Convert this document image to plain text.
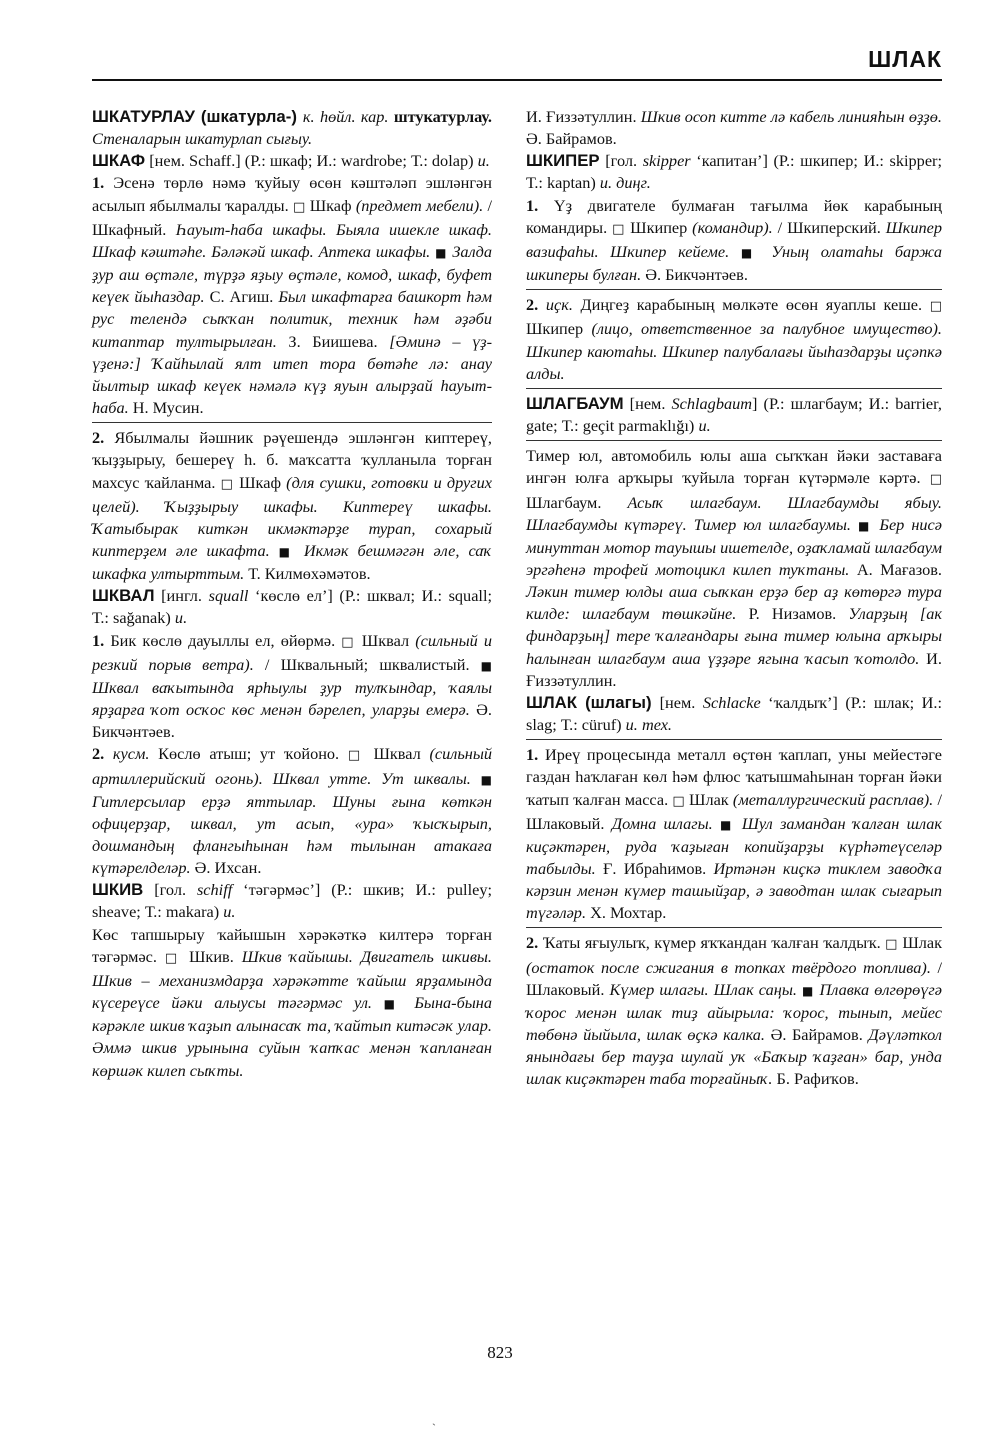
ШЛАК

ШКАТУРЛАУ (шкатурла-) к. һөйл. кар. штукатурлау. Стеналарын шкатурлап сығыу.

ШКАФ [нем. Schaff.] (Р.: шкаф; И.: wardrobe; Т.: dolap) и.

1. Эсенә төрлө нәмә ҡуйыу өсөн кәштәләп эшләнгән асылып ябылмалы ҡаралды. □ Шкаф (предмет мебели). / Шкафный. Һауыт-һаба шкафы. Быяла ишекле шкаф. Шкаф кәштәһе. Бәләкәй шкаф. Аптека шкафы. ■ Залда ҙур аш өҫтәле, түрҙә яҙыу өҫтәле, комод, шкаф, буфет кеүек йыһаздар. С. Агиш. Был шкафтарға башкорт һәм рус телендә сыҡҡан политик, техник һәм әҙәби китаптар тултырылған. З. Биишева. [Әминә – үҙ-үҙенә:] Ҡайһылай ялт итеп тора бөтәһе лә: анау йылтыр шкаф кеүек нәмәлә күҙ яуын алырҙай һауыт-һаба. Н. Мусин.

2. Ябылмалы йәшник рәүешендә эшләнгән киптереү, ҡыҙҙырыу, бешереү һ. б. маҡсатта ҡулланыла торған махсус ҡайланма. □ Шкаф (для сушки, готовки и других целей). Ҡыҙҙырыу шкафы. Киптереү шкафы. Ҡатыбырак киткән икмәктәрҙе турап, сохарый киптерҙем әле шкафта. ■ Икмәк бешмәгән әле, саҡ шкафка ултырттым. Т. Килмөхәмәтов.

ШКВАЛ [ингл. squall ‘көслө ел’] (Р.: шквал; И.: squall; Т.: sağanak) и.

1. Бик көслө дауыллы ел, өйөрмә. □ Шквал (сильный и резкий порыв ветра). / Шквальный; шквалистый. ■ Шквал ваҡытында ярһыулы ҙур тулҡындар, ҡаялы ярҙарға ҡот осҡос көс менән бәрелеп, уларҙы емерә. Ә. Бикчәнтәев.

2. кусм. Көслө атыш; ут ҡойоно. □ Шквал (сильный артиллерийский огонь). Шквал утте. Ут шквалы. ■ Гитлерсылар ерҙә яттылар. Шуны ғына көткән офицерҙар, шквал, ут асып, «ура» ҡысҡырып, дошмандың флангыһынан һәм тылынан атакаға күтәрелделәр. Ә. Ихсан.

ШКИВ [гол. schiff ‘тәгәрмәс’] (Р.: шкив; И.: pulley; sheave; Т.: makara) и.

Көс тапшырыу ҡайышын хәрәкәткә килтерә торған тәгәрмәс. □ Шкив. Шкив ҡайышы. Двигатель шкивы. Шкив – механизмдарҙа хәрәкәтте ҡайыш ярҙамында күсереүсе йәки алыусы тәгәрмәс ул. ■ Бына-бына кәрәкле шкив ҡаҙып алынасаҡ та, ҡайтып китәсәк улар. Әммә шкив урынына суйын ҡапҡас менән ҡапланған көршәк килеп сыҡты.

И. Ғиззәтуллин. Шкив осоп китте лә кабель линияһын өҙҙө. Ә. Байрамов.

ШКИПЕР [гол. skipper ‘капитан’] (Р.: шкипер; И.: skipper; Т.: kaptan) и. диңг.

1. Үҙ двигателе булмаған тағылма йөк карабының командиры. □ Шкипер (командир). / Шкиперский. Шкипер вазифаһы. Шкипер кейеме. ■ Уның олатаһы баржа шкиперы булған. Ә. Бикчәнтәев.

2. иҫк. Диңгеҙ карабының мөлкәте өсөн яуаплы кеше. □ Шкипер (лицо, ответственное за палубное имущество). Шкипер каютаһы. Шкипер палубалағы йыһаздарҙы иҫәпкә алды.

ШЛАГБАУМ [нем. Schlagbaum] (Р.: шлагбаум; И.: barrier, gate; Т.: geçit parmaklığı) и.

Тимер юл, автомобиль юлы аша сыҡҡан йәки заставаға ингән юлға арҡыры ҡуйыла торған күтәрмәле кәртә. □ Шлагбаум. Асыҡ шлагбаум. Шлагбаумды ябыу. Шлагбаумды күтәреү. Тимер юл шлагбаумы. ■ Бер нисә минуттан мотор тауышы ишетелде, оҙаҡламай шлагбаум эргәһенә трофей мотоцикл килеп туҡтаны. А. Мағазов. Ләкин тимер юлды аша сыҡкан ерҙә бер аҙ көтөргә тура килде: шлагбаум төшкәйне. Р. Низамов. Уларҙың [ак финдарҙың] тере ҡалғандары ғына тимер юлына арҡыры һалынған шлагбаум аша үҙҙәре ягына ҡасып ҡотолдо. И. Ғиззәтуллин.

ШЛАК (шлагы) [нем. Schlacke ‘ҡалдыҡ’] (Р.: шлак; И.: slag; Т.: cüruf) и. тех.

1. Иреү процесында металл өҫтөн ҡаплап, уны мейестәге газдан һаҡлаған көл һәм флюс ҡатышмаһынан торған йәки ҡатып ҡалған масса. □ Шлак (металлургический расплав). / Шлаковый. Домна шлагы. ■ Шул замандан ҡалған шлак киҫәктәрен, руда ҡаҙыған копийҙарҙы күрһәтеүселәр табылды. Ғ. Ибраһимов. Иртәнән киҫкә тиклем заводҡа кәрзин менән күмер ташыйҙар, ә заводтан шлак сығарып түгәләр. Х. Мохтар.

2. Ҡаты яғыулыҡ, күмер яҡҡандан ҡалған ҡалдыҡ. □ Шлак (остаток после сжигания в топках твёрдого топлива). / Шлаковый. Күмер шлагы. Шлак саңы. ■ Плавка өлгөрөүгә ҡорос менән шлак тиҙ айырыла: ҡорос, тынып, мейес төбөнә йыйыла, шлак өҫкә калка. Ә. Байрамов. Дәүләткол янындағы бер тауҙа шулай уҡ «Баҡыр ҡаҙған» бар, унда шлак киҫәктәрен таба торғайныҡ. Б. Рафиҡов.

823
ˎ
